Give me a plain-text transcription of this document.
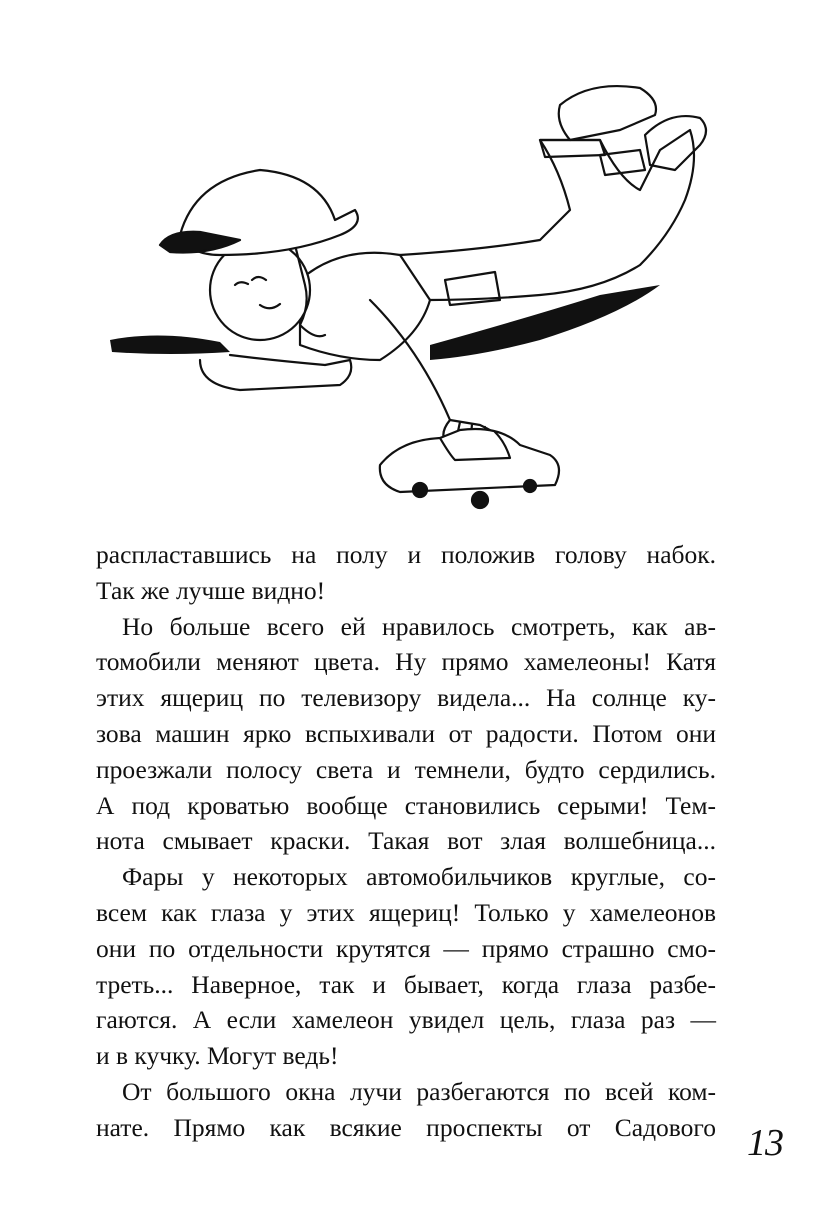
распластавшись на полу и положив голову набок.
Так же лучше видно!
Но больше всего ей нравилось смотреть, как ав-
томобили меняют цвета. Ну прямо хамелеоны! Катя
этих ящериц по телевизору видела... На солнце ку-
зова машин ярко вспыхивали от радости. Потом они
проезжали полосу света и темнели, будто сердились.
А под кроватью вообще становились серыми! Тем-
нота смывает краски. Такая вот злая волшебница...
Фары у некоторых автомобильчиков круглые, со-
всем как глаза у этих ящериц! Только у хамелеонов
они по отдельности крутятся — прямо страшно смо-
треть... Наверное, так и бывает, когда глаза разбе-
гаются. А если хамелеон увидел цель, глаза раз —
и в кучку. Могут ведь!
От большого окна лучи разбегаются по всей ком-
нате. Прямо как всякие проспекты от Садового 13
